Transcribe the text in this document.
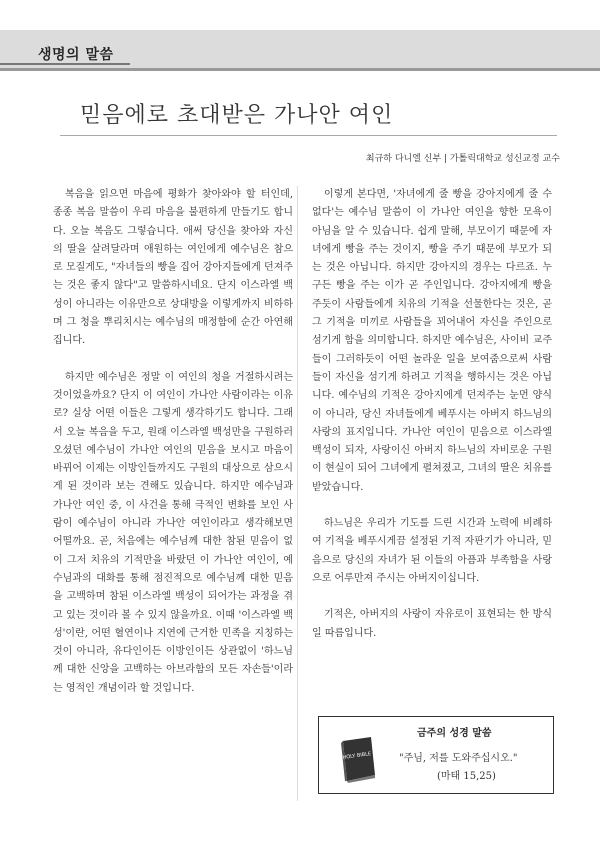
생명의 말씀
믿음에로 초대받은 가나안 여인
최규하 다니엘 신부 | 가톨릭대학교 성신교정 교수

복음을 읽으면 마음에 평화가 찾아와야 할 터인데, 종종 복음 말씀이 우리 마음을 불편하게 만들기도 합니다. 오늘 복음도 그렇습니다. 애써 당신을 찾아와 자신의 딸을 살려달라며 애원하는 여인에게 예수님은 참으로 모질게도, "자녀들의 빵을 집어 강아지들에게 던져주는 것은 좋지 않다"고 말씀하시네요. 단지 이스라엘 백성이 아니라는 이유만으로 상대방을 이렇게까지 비하하며 그 청을 뿌리치시는 예수님의 매정함에 순간 아연해집니다.

하지만 예수님은 정말 이 여인의 청을 거절하시려는 것이었을까요? 단지 이 여인이 가나안 사람이라는 이유로? 실상 어떤 이들은 그렇게 생각하기도 합니다. 그래서 오늘 복음을 두고, 원래 이스라엘 백성만을 구원하러 오셨던 예수님이 가나안 여인의 믿음을 보시고 마음이 바뀌어 이제는 이방인들까지도 구원의 대상으로 삼으시게 된 것이라 보는 견해도 있습니다. 하지만 예수님과 가나안 여인 중, 이 사건을 통해 극적인 변화를 보인 사람이 예수님이 아니라 가나안 여인이라고 생각해보면 어떨까요. 곧, 처음에는 예수님께 대한 참된 믿음이 없이 그저 치유의 기적만을 바랐던 이 가나안 여인이, 예수님과의 대화를 통해 점진적으로 예수님께 대한 믿음을 고백하며 참된 이스라엘 백성이 되어가는 과정을 겪고 있는 것이라 볼 수 있지 않을까요. 이때 '이스라엘 백성'이란, 어떤 혈연이나 지연에 근거한 민족을 지칭하는 것이 아니라, 유다인이든 이방인이든 상관없이 '하느님께 대한 신앙을 고백하는 아브라함의 모든 자손들'이라는 영적인 개념이라 할 것입니다.

이렇게 본다면, '자녀에게 줄 빵을 강아지에게 줄 수 없다'는 예수님 말씀이 이 가나안 여인을 향한 모욕이 아님을 알 수 있습니다. 쉽게 말해, 부모이기 때문에 자녀에게 빵을 주는 것이지, 빵을 주기 때문에 부모가 되는 것은 아닙니다. 하지만 강아지의 경우는 다르죠. 누구든 빵을 주는 이가 곧 주인입니다. 강아지에게 빵을 주듯이 사람들에게 치유의 기적을 선물한다는 것은, 곧 그 기적을 미끼로 사람들을 꾀어내어 자신을 주인으로 섬기게 함을 의미합니다. 하지만 예수님은, 사이비 교주들이 그러하듯이 어떤 놀라운 일을 보여줌으로써 사람들이 자신을 섬기게 하려고 기적을 행하시는 것은 아닙니다. 예수님의 기적은 강아지에게 던져주는 눈먼 양식이 아니라, 당신 자녀들에게 베푸시는 아버지 하느님의 사랑의 표지입니다. 가나안 여인이 믿음으로 이스라엘 백성이 되자, 사랑이신 아버지 하느님의 자비로운 구원이 현실이 되어 그녀에게 펼쳐졌고, 그녀의 딸은 치유를 받았습니다.

하느님은 우리가 기도를 드린 시간과 노력에 비례하여 기적을 베푸시게끔 설정된 기적 자판기가 아니라, 믿음으로 당신의 자녀가 된 이들의 아픔과 부족함을 사랑으로 어루만져 주시는 아버지이십니다.

기적은, 아버지의 사랑이 자유로이 표현되는 한 방식일 따름입니다.

HOLY BIBLE
금주의 성경 말씀
"주님, 저를 도와주십시오."
(마태 15,25)
